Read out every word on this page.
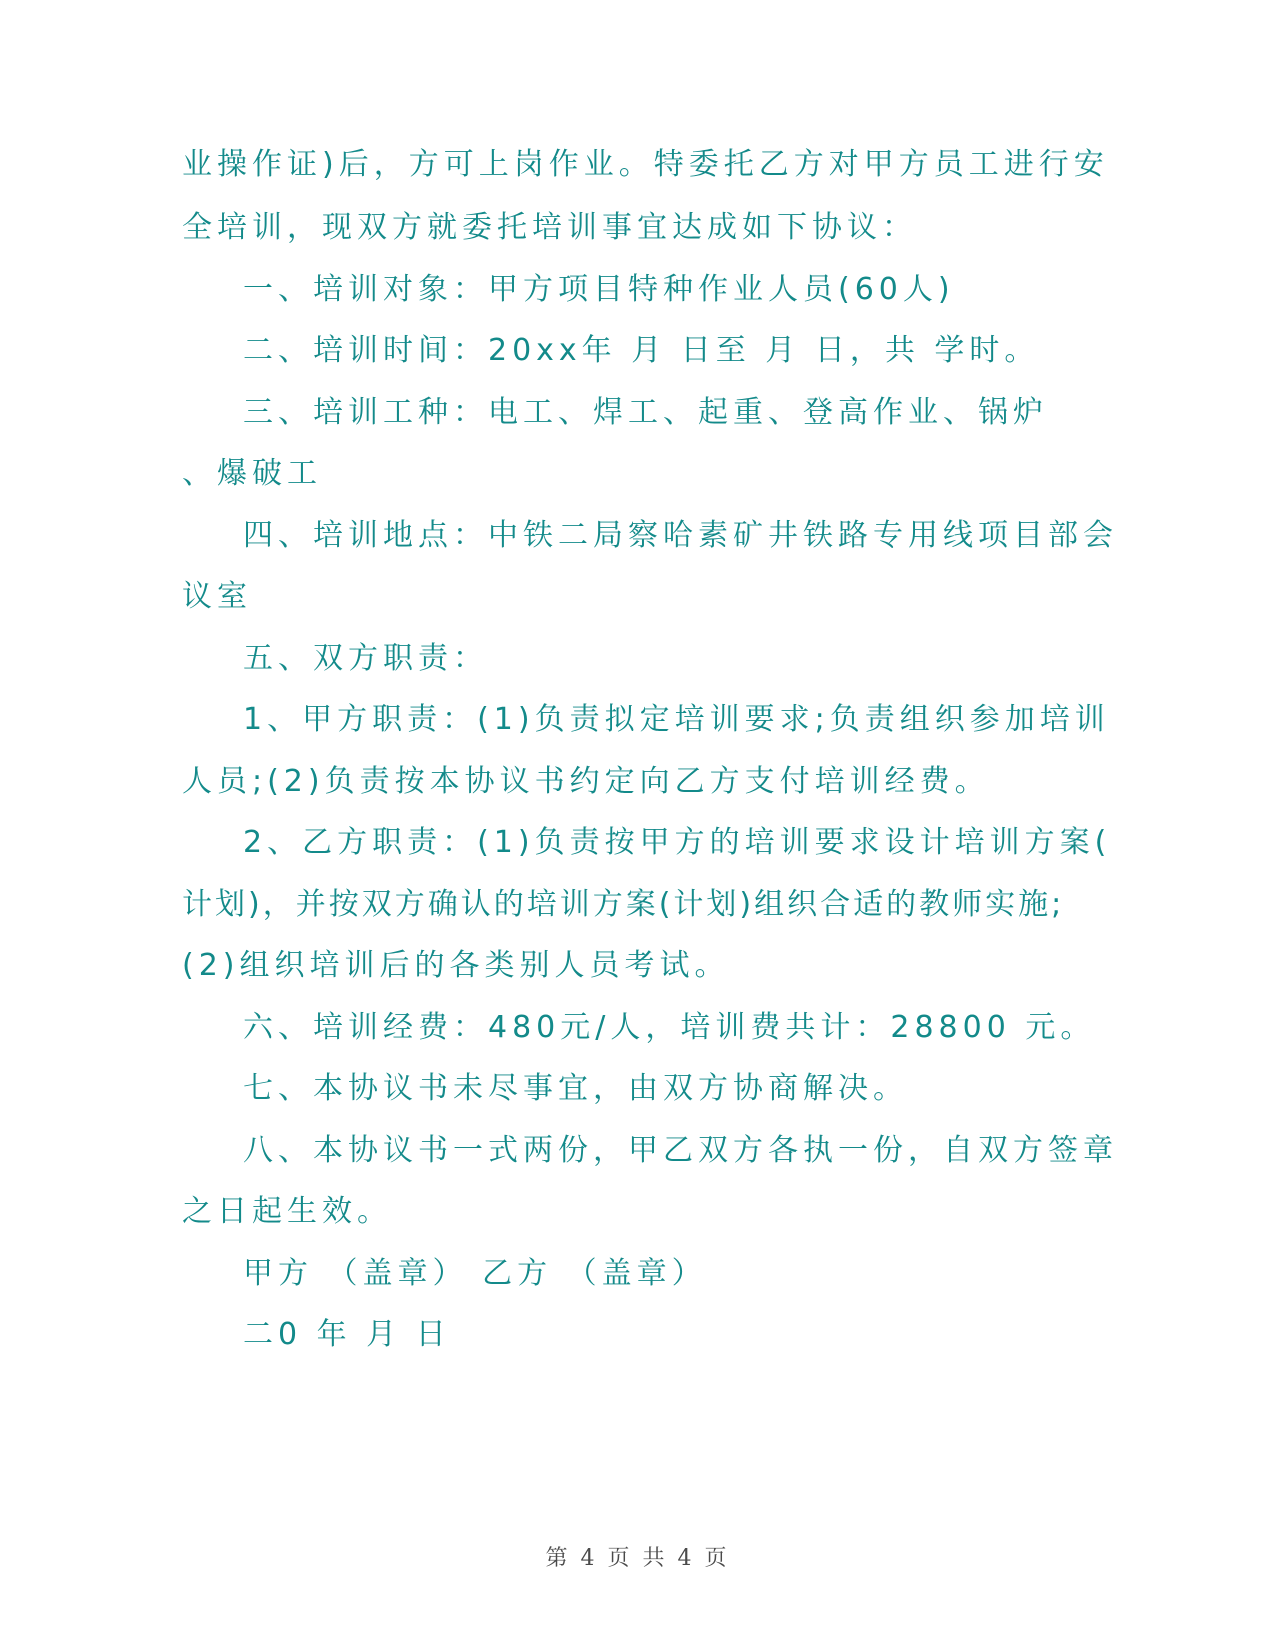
业操作证)后，方可上岗作业。特委托乙方对甲方员工进行安
全培训，现双方就委托培训事宜达成如下协议：
一、培训对象：甲方项目特种作业人员(60人)
二、培训时间：20xx年 月 日至 月 日，共 学时。
三、培训工种：电工、焊工、起重、登高作业、锅炉
、爆破工
四、培训地点：中铁二局察哈素矿井铁路专用线项目部会
议室
五、双方职责：
1、甲方职责：(1)负责拟定培训要求;负责组织参加培训
人员;(2)负责按本协议书约定向乙方支付培训经费。
2、乙方职责：(1)负责按甲方的培训要求设计培训方案(
计划)，并按双方确认的培训方案(计划)组织合适的教师实施;
(2)组织培训后的各类别人员考试。
六、培训经费：480元/人，培训费共计：28800 元。
七、本协议书未尽事宜，由双方协商解决。
八、本协议书一式两份，甲乙双方各执一份，自双方签章
之日起生效。
甲方 （盖章） 乙方 （盖章）
二0 年 月 日
第 4 页 共 4 页
